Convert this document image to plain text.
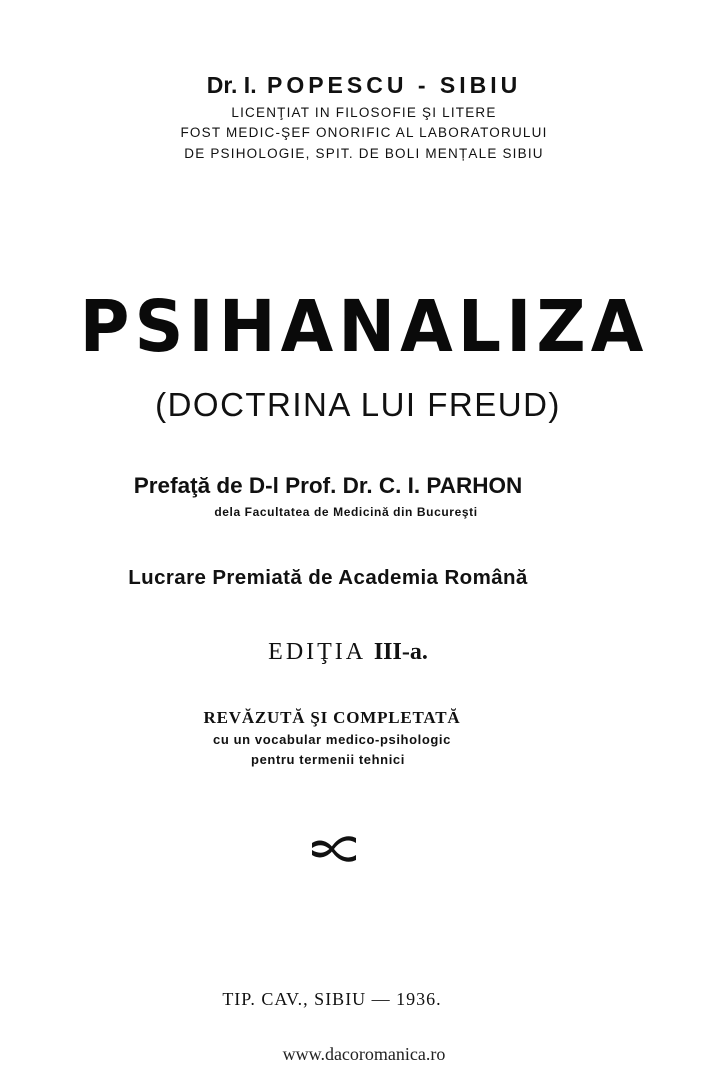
Dr. I. POPESCU - SIBIU

LICENŢIAT IN FILOSOFIE ŞI LITERE

FOST MEDIC-ŞEF ONORIFIC AL LABORATORULUI

DE PSIHOLOGIE, SPIT. DE BOLI MENȚALE SIBIU

PSIHANALIZA

(DOCTRINA LUI FREUD)

Prefaţă de D-l Prof. Dr. C. I. PARHON

dela Facultatea de Medicină din Bucureşti

Lucrare Premiată de Academia Română

EDIŢIA III-a.

REVĂZUTĂ ŞI COMPLETATĂ

cu un vocabular medico-psihologic

pentru termenii tehnici

TIP. CAV., SIBIU — 1936.

www.dacoromanica.ro
